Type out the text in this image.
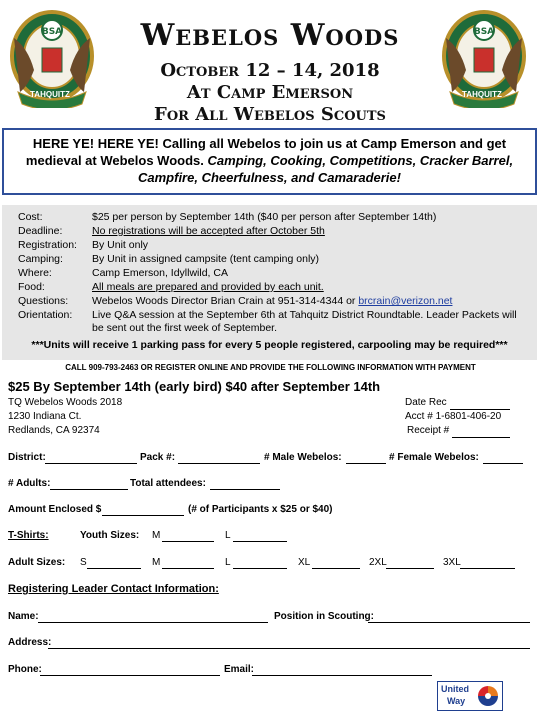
BSA
TAHQUITZ
BSA
TAHQUITZ
Webelos Woods
October 12 – 14, 2018
At Camp Emerson
For All Webelos Scouts
HERE YE! HERE YE! Calling all Webelos to join us at Camp Emerson and get medieval at Webelos Woods. Camping, Cooking, Competitions, Cracker Barrel, Campfire, Cheerfulness, and Camaraderie!
Cost:	$25 per person by September 14th ($40 per person after September 14th)
Deadline:	No registrations will be accepted after October 5th
Registration: By Unit only
Camping:	By Unit in assigned campsite (tent camping only)
Where:	Camp Emerson, Idyllwild, CA
Food:	All meals are prepared and provided by each unit.
Questions: Webelos Woods Director Brian Crain at 951-314-4344 or brcrain@verizon.net
Orientation: Live Q&A session at the September 6th at Tahquitz District Roundtable. Leader Packets will
be sent out the first week of September.
***Units will receive 1 parking pass for every 5 people registered, carpooling may be required***
CALL 909-793-2463 OR REGISTER ONLINE AND PROVIDE THE FOLLOWING INFORMATION WITH PAYMENT
$25 By September 14th (early bird) $40 after September 14th
TQ Webelos Woods 2018
1230 Indiana Ct.
Redlands, CA 92374
Date Rec
Acct # 1-6801-406-20
Receipt #
District:	Pack #:	# Male Webelos:	# Female Webelos:
# Adults:	Total attendees:
Amount Enclosed $	(# of Participants x $25 or $40)
T-Shirts:	Youth Sizes: M	L
Adult Sizes: S	M	L	XL	2XL	3XL
Registering Leader Contact Information:
Name:	Position in Scouting:
Address:
Phone:	Email:
United
Way
